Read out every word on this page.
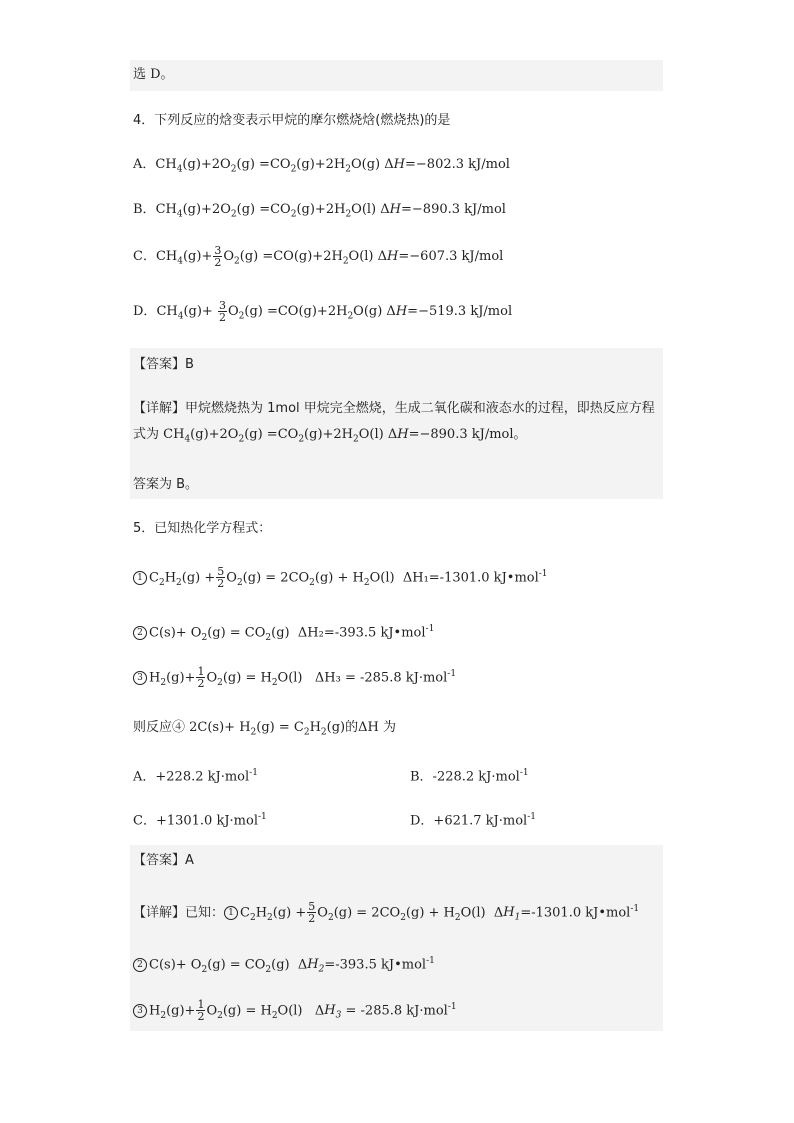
选 D。
4．下列反应的焓变表示甲烷的摩尔燃烧焓(燃烧热)的是
A．$CH_4(g)+2O_2(g) =CO_2(g)+2H_2O(g)$ ΔH=−802.3 kJ/mol
B．$CH_4(g)+2O_2(g) =CO_2(g)+2H_2O(l)$ ΔH=−890.3 kJ/mol
C．$CH_4(g)+ \frac{3}{2} O_2(g) =CO(g)+2H_2O(l)$ ΔH=−607.3 kJ/mol
D．$CH_4(g)+ \frac{3}{2} O_2(g) =CO(g)+2H_2O(g)$ ΔH=−519.3 kJ/mol
【答案】B
【详解】甲烷燃烧热为 1mol 甲烷完全燃烧，生成二氧化碳和液态水的过程，即热反应方程式为 $CH_4(g)+2O_2(g) =CO_2(g)+2H_2O(l)$ ΔH=−890.3 kJ/mol。
答案为 B。
5．已知热化学方程式：
1 $C_2H_2(g) + \frac{5}{2} O_2(g) = 2CO_2(g) + H_2O(l)$  ΔH₁=-1301.0 kJ•mol$^{-1}$
2 $C(s)+ O_2(g) = CO_2(g)$  ΔH₂=-393.5 kJ•mol$^{-1}$
3 $H_2(g)+ \frac{1}{2} O_2(g) = H_2O(l) \Delta H_3 = -285.8$ kJ·mol$^{-1}$
则反应④ $2C(s)+ H_2(g) = C_2H_2(g)$的ΔH 为
A．+228.2 kJ·mol$^{-1}$	B．-228.2 kJ·mol$^{-1}$
C．+1301.0 kJ·mol$^{-1}$	D．+621.7 kJ·mol$^{-1}$
【答案】A
【详解】已知： 1 $C_2H_2(g) + \frac{5}{2} O_2(g) = 2CO_2(g) + H_2O(l)$  $\Delta H_1=-1301.0$ kJ•mol$^{-1}$
2 $C(s)+ O_2(g) = CO_2(g)$  $\Delta H_2=-393.5$ kJ•mol$^{-1}$
3 $H_2(g)+ \frac{1}{2} O_2(g) = H_2O(l) \Delta H_3 = -285.8$ kJ·mol$^{-1}$
